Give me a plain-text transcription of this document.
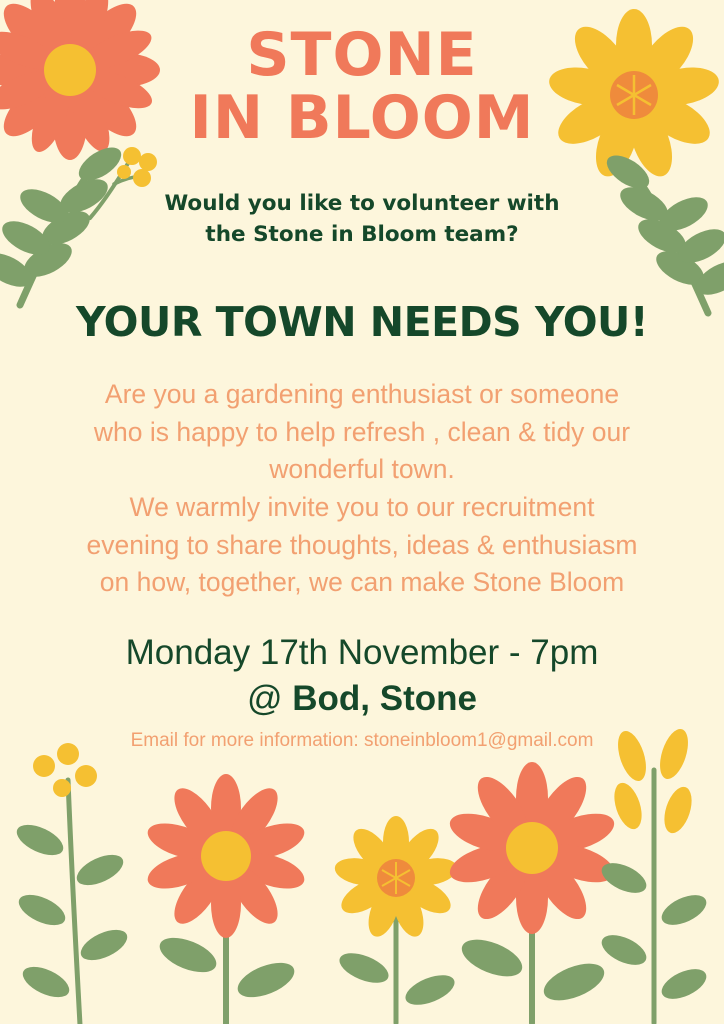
STONE
IN BLOOM
Would you like to volunteer with
the Stone in Bloom team?
YOUR TOWN NEEDS YOU!
Are you a gardening enthusiast or someone
who is happy to help refresh , clean & tidy our
wonderful town.
We warmly invite you to our recruitment
evening to share thoughts, ideas & enthusiasm
on how, together, we can make Stone Bloom
Monday 17th November - 7pm
@ Bod, Stone
Email for more information: stoneinbloom1@gmail.com
